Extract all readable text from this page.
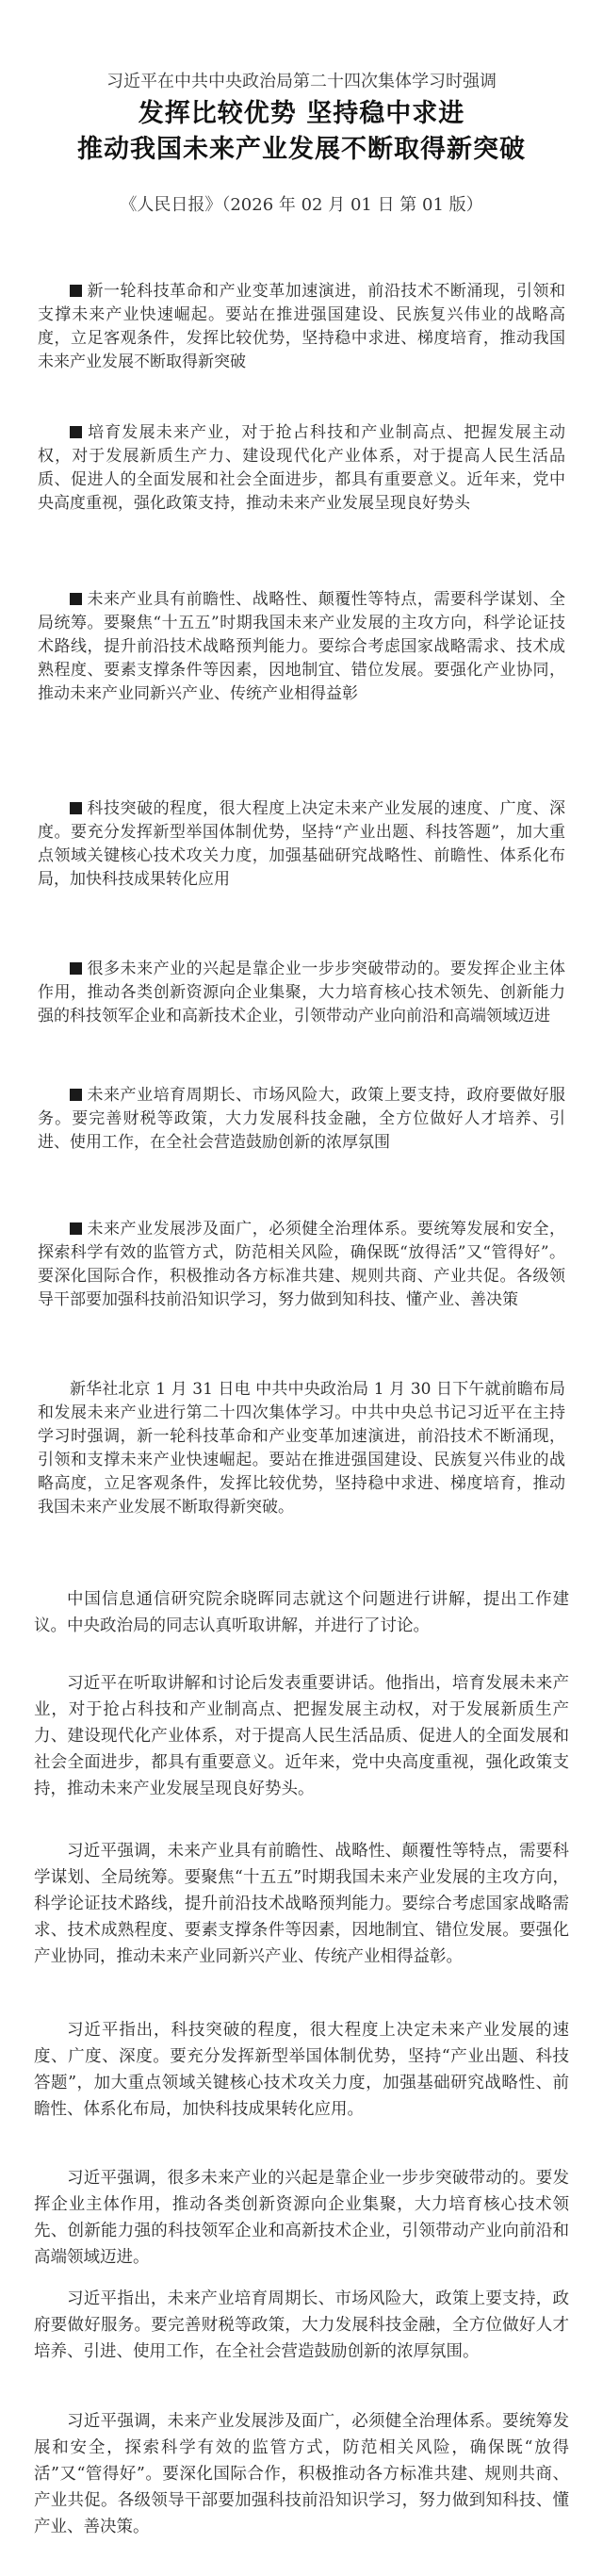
习近平在中共中央政治局第二十四次集体学习时强调
发挥比较优势 坚持稳中求进
推动我国未来产业发展不断取得新突破
《人民日报》（2026 年 02 月 01 日 第 01 版）

新一轮科技革命和产业变革加速演进，前沿技术不断涌现，引领和支撑未来产业快速崛起。要站在推进强国建设、民族复兴伟业的战略高度，立足客观条件，发挥比较优势，坚持稳中求进、梯度培育，推动我国未来产业发展不断取得新突破

培育发展未来产业，对于抢占科技和产业制高点、把握发展主动权，对于发展新质生产力、建设现代化产业体系，对于提高人民生活品质、促进人的全面发展和社会全面进步，都具有重要意义。近年来，党中央高度重视，强化政策支持，推动未来产业发展呈现良好势头

未来产业具有前瞻性、战略性、颠覆性等特点，需要科学谋划、全局统筹。要聚焦“十五五”时期我国未来产业发展的主攻方向，科学论证技术路线，提升前沿技术战略预判能力。要综合考虑国家战略需求、技术成熟程度、要素支撑条件等因素，因地制宜、错位发展。要强化产业协同，推动未来产业同新兴产业、传统产业相得益彰

科技突破的程度，很大程度上决定未来产业发展的速度、广度、深度。要充分发挥新型举国体制优势，坚持“产业出题、科技答题”，加大重点领域关键核心技术攻关力度，加强基础研究战略性、前瞻性、体系化布局，加快科技成果转化应用

很多未来产业的兴起是靠企业一步步突破带动的。要发挥企业主体作用，推动各类创新资源向企业集聚，大力培育核心技术领先、创新能力强的科技领军企业和高新技术企业，引领带动产业向前沿和高端领域迈进

未来产业培育周期长、市场风险大，政策上要支持，政府要做好服务。要完善财税等政策，大力发展科技金融，全方位做好人才培养、引进、使用工作，在全社会营造鼓励创新的浓厚氛围

未来产业发展涉及面广，必须健全治理体系。要统筹发展和安全，探索科学有效的监管方式，防范相关风险，确保既“放得活”又“管得好”。要深化国际合作，积极推动各方标准共建、规则共商、产业共促。各级领导干部要加强科技前沿知识学习，努力做到知科技、懂产业、善决策

新华社北京 1 月 31 日电 中共中央政治局 1 月 30 日下午就前瞻布局和发展未来产业进行第二十四次集体学习。中共中央总书记习近平在主持学习时强调，新一轮科技革命和产业变革加速演进，前沿技术不断涌现，引领和支撑未来产业快速崛起。要站在推进强国建设、民族复兴伟业的战略高度，立足客观条件，发挥比较优势，坚持稳中求进、梯度培育，推动我国未来产业发展不断取得新突破。

中国信息通信研究院余晓晖同志就这个问题进行讲解，提出工作建议。中央政治局的同志认真听取讲解，并进行了讨论。

习近平在听取讲解和讨论后发表重要讲话。他指出，培育发展未来产业，对于抢占科技和产业制高点、把握发展主动权，对于发展新质生产力、建设现代化产业体系，对于提高人民生活品质、促进人的全面发展和社会全面进步，都具有重要意义。近年来，党中央高度重视，强化政策支持，推动未来产业发展呈现良好势头。

习近平强调，未来产业具有前瞻性、战略性、颠覆性等特点，需要科学谋划、全局统筹。要聚焦“十五五”时期我国未来产业发展的主攻方向，科学论证技术路线，提升前沿技术战略预判能力。要综合考虑国家战略需求、技术成熟程度、要素支撑条件等因素，因地制宜、错位发展。要强化产业协同，推动未来产业同新兴产业、传统产业相得益彰。

习近平指出，科技突破的程度，很大程度上决定未来产业发展的速度、广度、深度。要充分发挥新型举国体制优势，坚持“产业出题、科技答题”，加大重点领域关键核心技术攻关力度，加强基础研究战略性、前瞻性、体系化布局，加快科技成果转化应用。

习近平强调，很多未来产业的兴起是靠企业一步步突破带动的。要发挥企业主体作用，推动各类创新资源向企业集聚，大力培育核心技术领先、创新能力强的科技领军企业和高新技术企业，引领带动产业向前沿和高端领域迈进。

习近平指出，未来产业培育周期长、市场风险大，政策上要支持，政府要做好服务。要完善财税等政策，大力发展科技金融，全方位做好人才培养、引进、使用工作，在全社会营造鼓励创新的浓厚氛围。

习近平强调，未来产业发展涉及面广，必须健全治理体系。要统筹发展和安全，探索科学有效的监管方式，防范相关风险，确保既“放得活”又“管得好”。要深化国际合作，积极推动各方标准共建、规则共商、产业共促。各级领导干部要加强科技前沿知识学习，努力做到知科技、懂产业、善决策。
